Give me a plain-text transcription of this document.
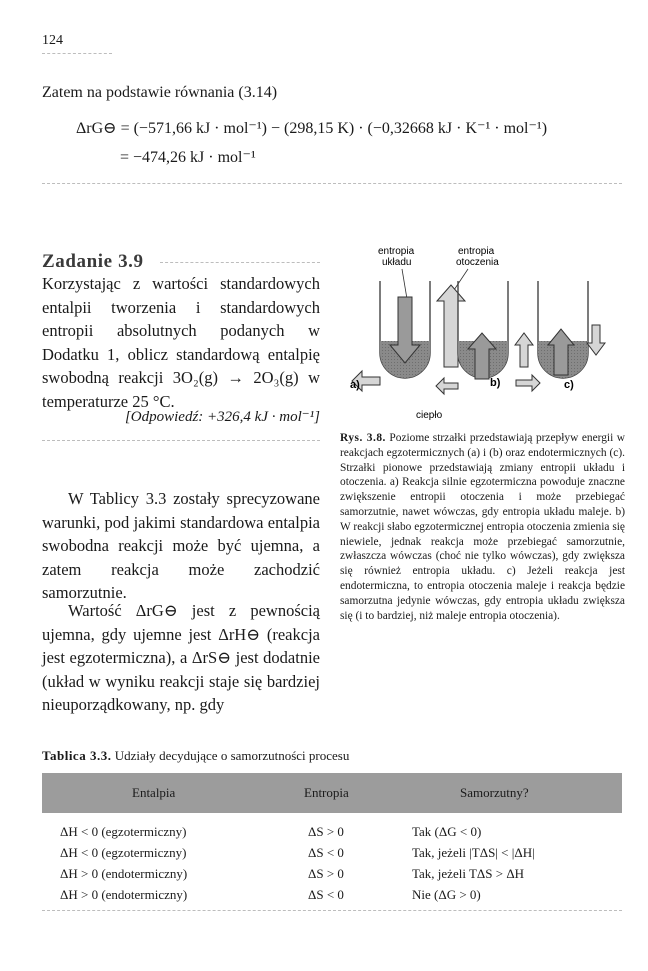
124
Zatem na podstawie równania (3.14)
ΔrG⊖ = (−571,66 kJ · mol⁻¹) − (298,15 K) · (−0,32668 kJ · K⁻¹ · mol⁻¹)
= −474,26 kJ · mol⁻¹
Zadanie 3.9
Korzystając z wartości standardowych entalpii tworzenia i standardowych entropii absolutnych podanych w Dodatku 1, oblicz standardową entalpię swobodną reakcji 3O₂(g) → 2O₃(g) w temperaturze 25 °C.
[Odpowiedź: +326,4 kJ · mol⁻¹]
W Tablicy 3.3 zostały sprecyzowane warunki, pod jakimi standardowa entalpia swobodna reakcji może być ujemna, a zatem reakcja może zachodzić samorzutnie.
Wartość ΔrG⊖ jest z pewnością ujemna, gdy ujemne jest ΔrH⊖ (reakcja jest egzotermiczna), a ΔrS⊖ jest dodatnie (układ w wyniku reakcji staje się bardziej nieuporządkowany, np. gdy
entropia
układu
entropia
otoczenia
a)	b)	c)
ciepło
Rys. 3.8. Poziome strzałki przedstawiają przepływ energii w reakcjach egzotermicznych (a) i (b) oraz endotermicznych (c). Strzałki pionowe przedstawiają zmiany entropii układu i otoczenia. a) Reakcja silnie egzotermiczna powoduje znaczne zwiększenie entropii otoczenia i może przebiegać samorzutnie, nawet wówczas, gdy entropia układu maleje. b) W reakcji słabo egzotermicznej entropia otoczenia zmienia się niewiele, jednak reakcja może przebiegać samorzutnie, zwłaszcza wówczas (choć nie tylko wówczas), gdy zwiększa się również entropia układu. c) Jeżeli reakcja jest endotermiczna, to entropia otoczenia maleje i reakcja będzie samorzutna jedynie wówczas, gdy entropia układu zwiększa się (i to bardziej, niż maleje entropia otoczenia).
Tablica 3.3. Udziały decydujące o samorzutności procesu
Entalpia	Entropia	Samorzutny?
ΔH < 0 (egzotermiczny)	ΔS > 0	Tak (ΔG < 0)
ΔH < 0 (egzotermiczny)	ΔS < 0	Tak, jeżeli |TΔS| < |ΔH|
ΔH > 0 (endotermiczny)	ΔS > 0	Tak, jeżeli TΔS > ΔH
ΔH > 0 (endotermiczny)	ΔS < 0	Nie (ΔG > 0)
